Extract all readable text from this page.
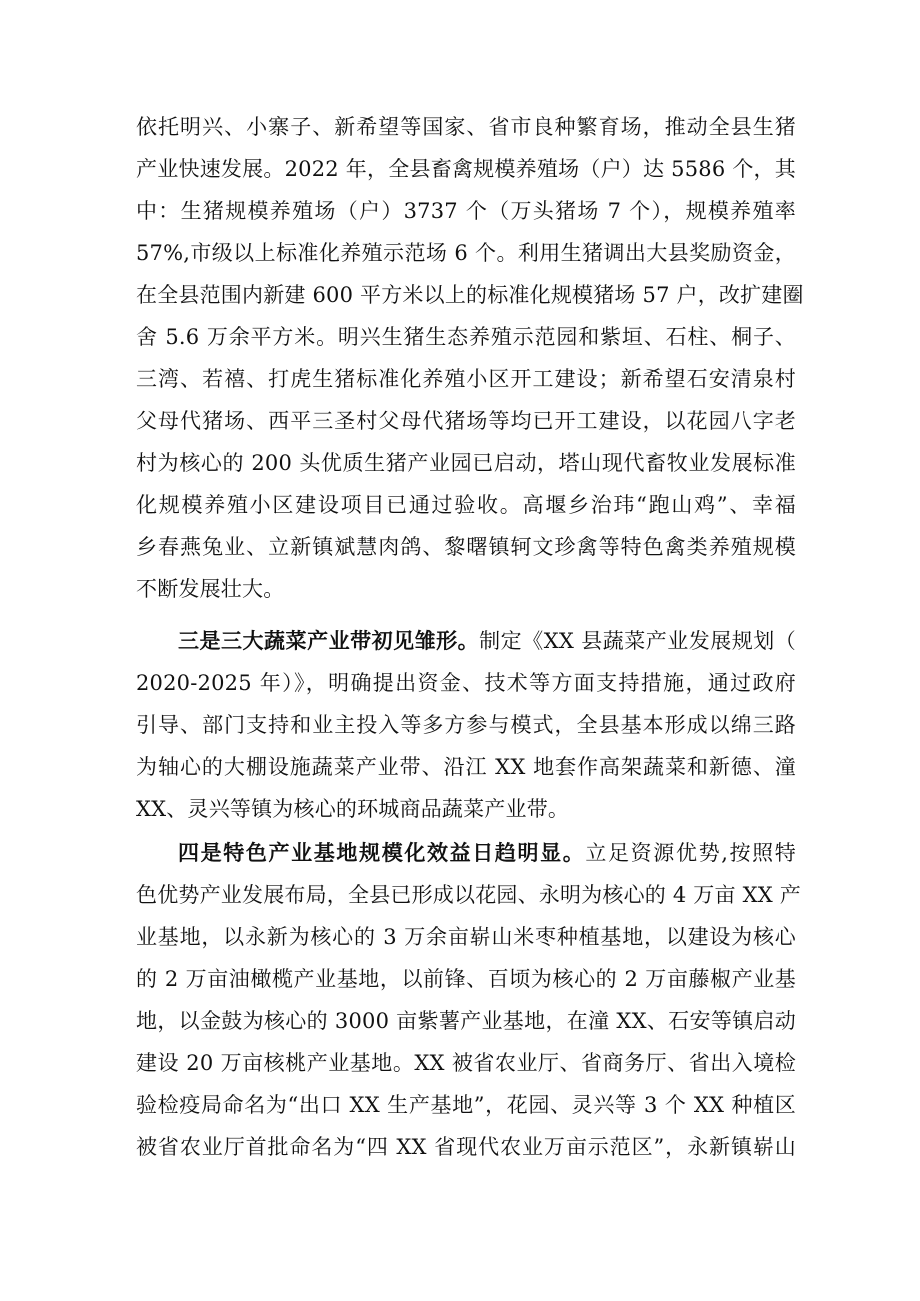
依托明兴、小寨子、新希望等国家、省市良种繁育场，推动全县生猪
产业快速发展。2022 年，全县畜禽规模养殖场（户）达 5586 个，其
中：生猪规模养殖场（户）3737 个（万头猪场 7 个），规模养殖率
57%,市级以上标准化养殖示范场 6 个。利用生猪调出大县奖励资金，
在全县范围内新建 600 平方米以上的标准化规模猪场 57 户，改扩建圈
舍 5.6 万余平方米。明兴生猪生态养殖示范园和紫垣、石柱、桐子、
三湾、若禧、打虎生猪标准化养殖小区开工建设；新希望石安清泉村
父母代猪场、西平三圣村父母代猪场等均已开工建设，以花园八字老
村为核心的 200 头优质生猪产业园已启动，塔山现代畜牧业发展标准
化规模养殖小区建设项目已通过验收。高堰乡治玮“跑山鸡”、幸福
乡春燕兔业、立新镇斌慧肉鸽、黎曙镇轲文珍禽等特色禽类养殖规模
不断发展壮大。
三是三大蔬菜产业带初见雏形。制定《XX 县蔬菜产业发展规划（
2020-2025 年）》，明确提出资金、技术等方面支持措施，通过政府
引导、部门支持和业主投入等多方参与模式，全县基本形成以绵三路
为轴心的大棚设施蔬菜产业带、沿江 XX 地套作高架蔬菜和新德、潼
XX、灵兴等镇为核心的环城商品蔬菜产业带。
四是特色产业基地规模化效益日趋明显。立足资源优势,按照特
色优势产业发展布局，全县已形成以花园、永明为核心的 4 万亩 XX 产
业基地，以永新为核心的 3 万余亩崭山米枣种植基地，以建设为核心
的 2 万亩油橄榄产业基地，以前锋、百顷为核心的 2 万亩藤椒产业基
地，以金鼓为核心的 3000 亩紫薯产业基地，在潼 XX、石安等镇启动
建设 20 万亩核桃产业基地。XX 被省农业厅、省商务厅、省出入境检
验检疫局命名为“出口 XX 生产基地”，花园、灵兴等 3 个 XX 种植区
被省农业厅首批命名为“四 XX 省现代农业万亩示范区”，永新镇崭山
